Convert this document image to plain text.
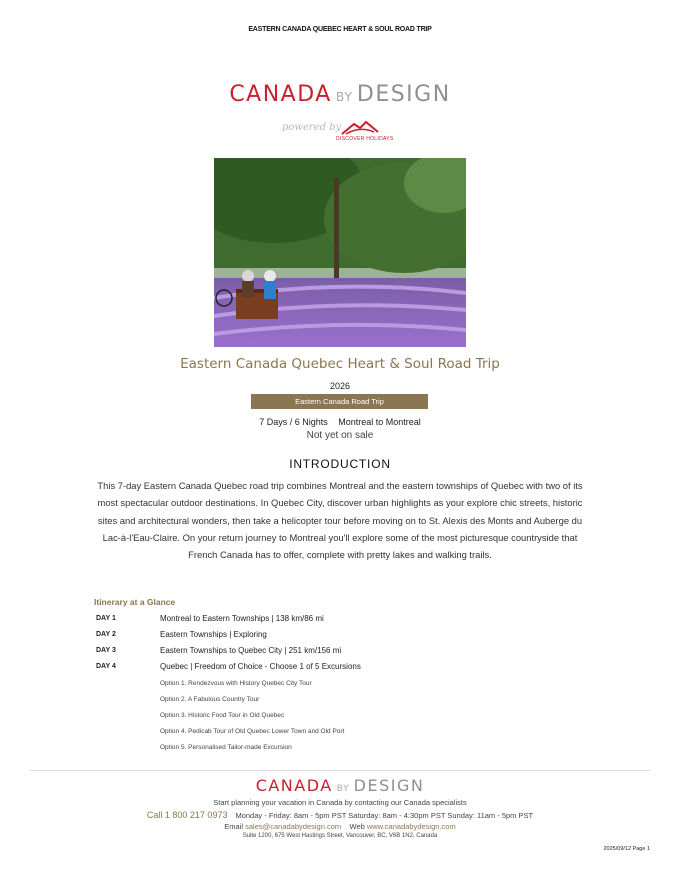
EASTERN CANADA QUEBEC HEART & SOUL ROAD TRIP
CANADA BY DESIGN
powered by
DISCOVER HOLIDAYS
Eastern Canada Quebec Heart & Soul Road Trip
2026
Eastern Canada Road Trip
7 Days / 6 Nights Montreal to Montreal
Not yet on sale
INTRODUCTION
This 7-day Eastern Canada Quebec road trip combines Montreal and the eastern townships of Quebec with two of its most spectacular outdoor destinations. In Quebec City, discover urban highlights as your explore chic streets, historic sites and architectural wonders, then take a helicopter tour before moving on to St. Alexis des Monts and Auberge du Lac-à-l'Eau-Claire. On your return journey to Montreal you'll explore some of the most picturesque countryside that French Canada has to offer, complete with pretty lakes and walking trails.
Itinerary at a Glance
DAY 1	Montreal to Eastern Townships | 138 km/86 mi
DAY 2	Eastern Townships | Exploring
DAY 3	Eastern Townships to Quebec City | 251 km/156 mi
DAY 4	Quebec | Freedom of Choice - Choose 1 of 5 Excursions
Option 1. Rendezvous with History Quebec City Tour
Option 2. A Fabulous Country Tour
Option 3. Historic Food Tour in Old Quebec
Option 4. Pedicab Tour of Old Quebec Lower Town and Old Port
Option 5. Personalised Tailor-made Excursion
CANADA BY DESIGN
Start planning your vacation in Canada by contacting our Canada specialists
Call 1 800 217 0973 Monday - Friday: 8am - 5pm PST Saturday: 8am - 4:30pm PST Sunday: 11am - 5pm PST
Email sales@canadabydesign.com Web www.canadabydesign.com
Suite 1200, 675 West Hastings Street, Vancouver, BC, V6B 1N2, Canada
2025/09/12 Page 1
